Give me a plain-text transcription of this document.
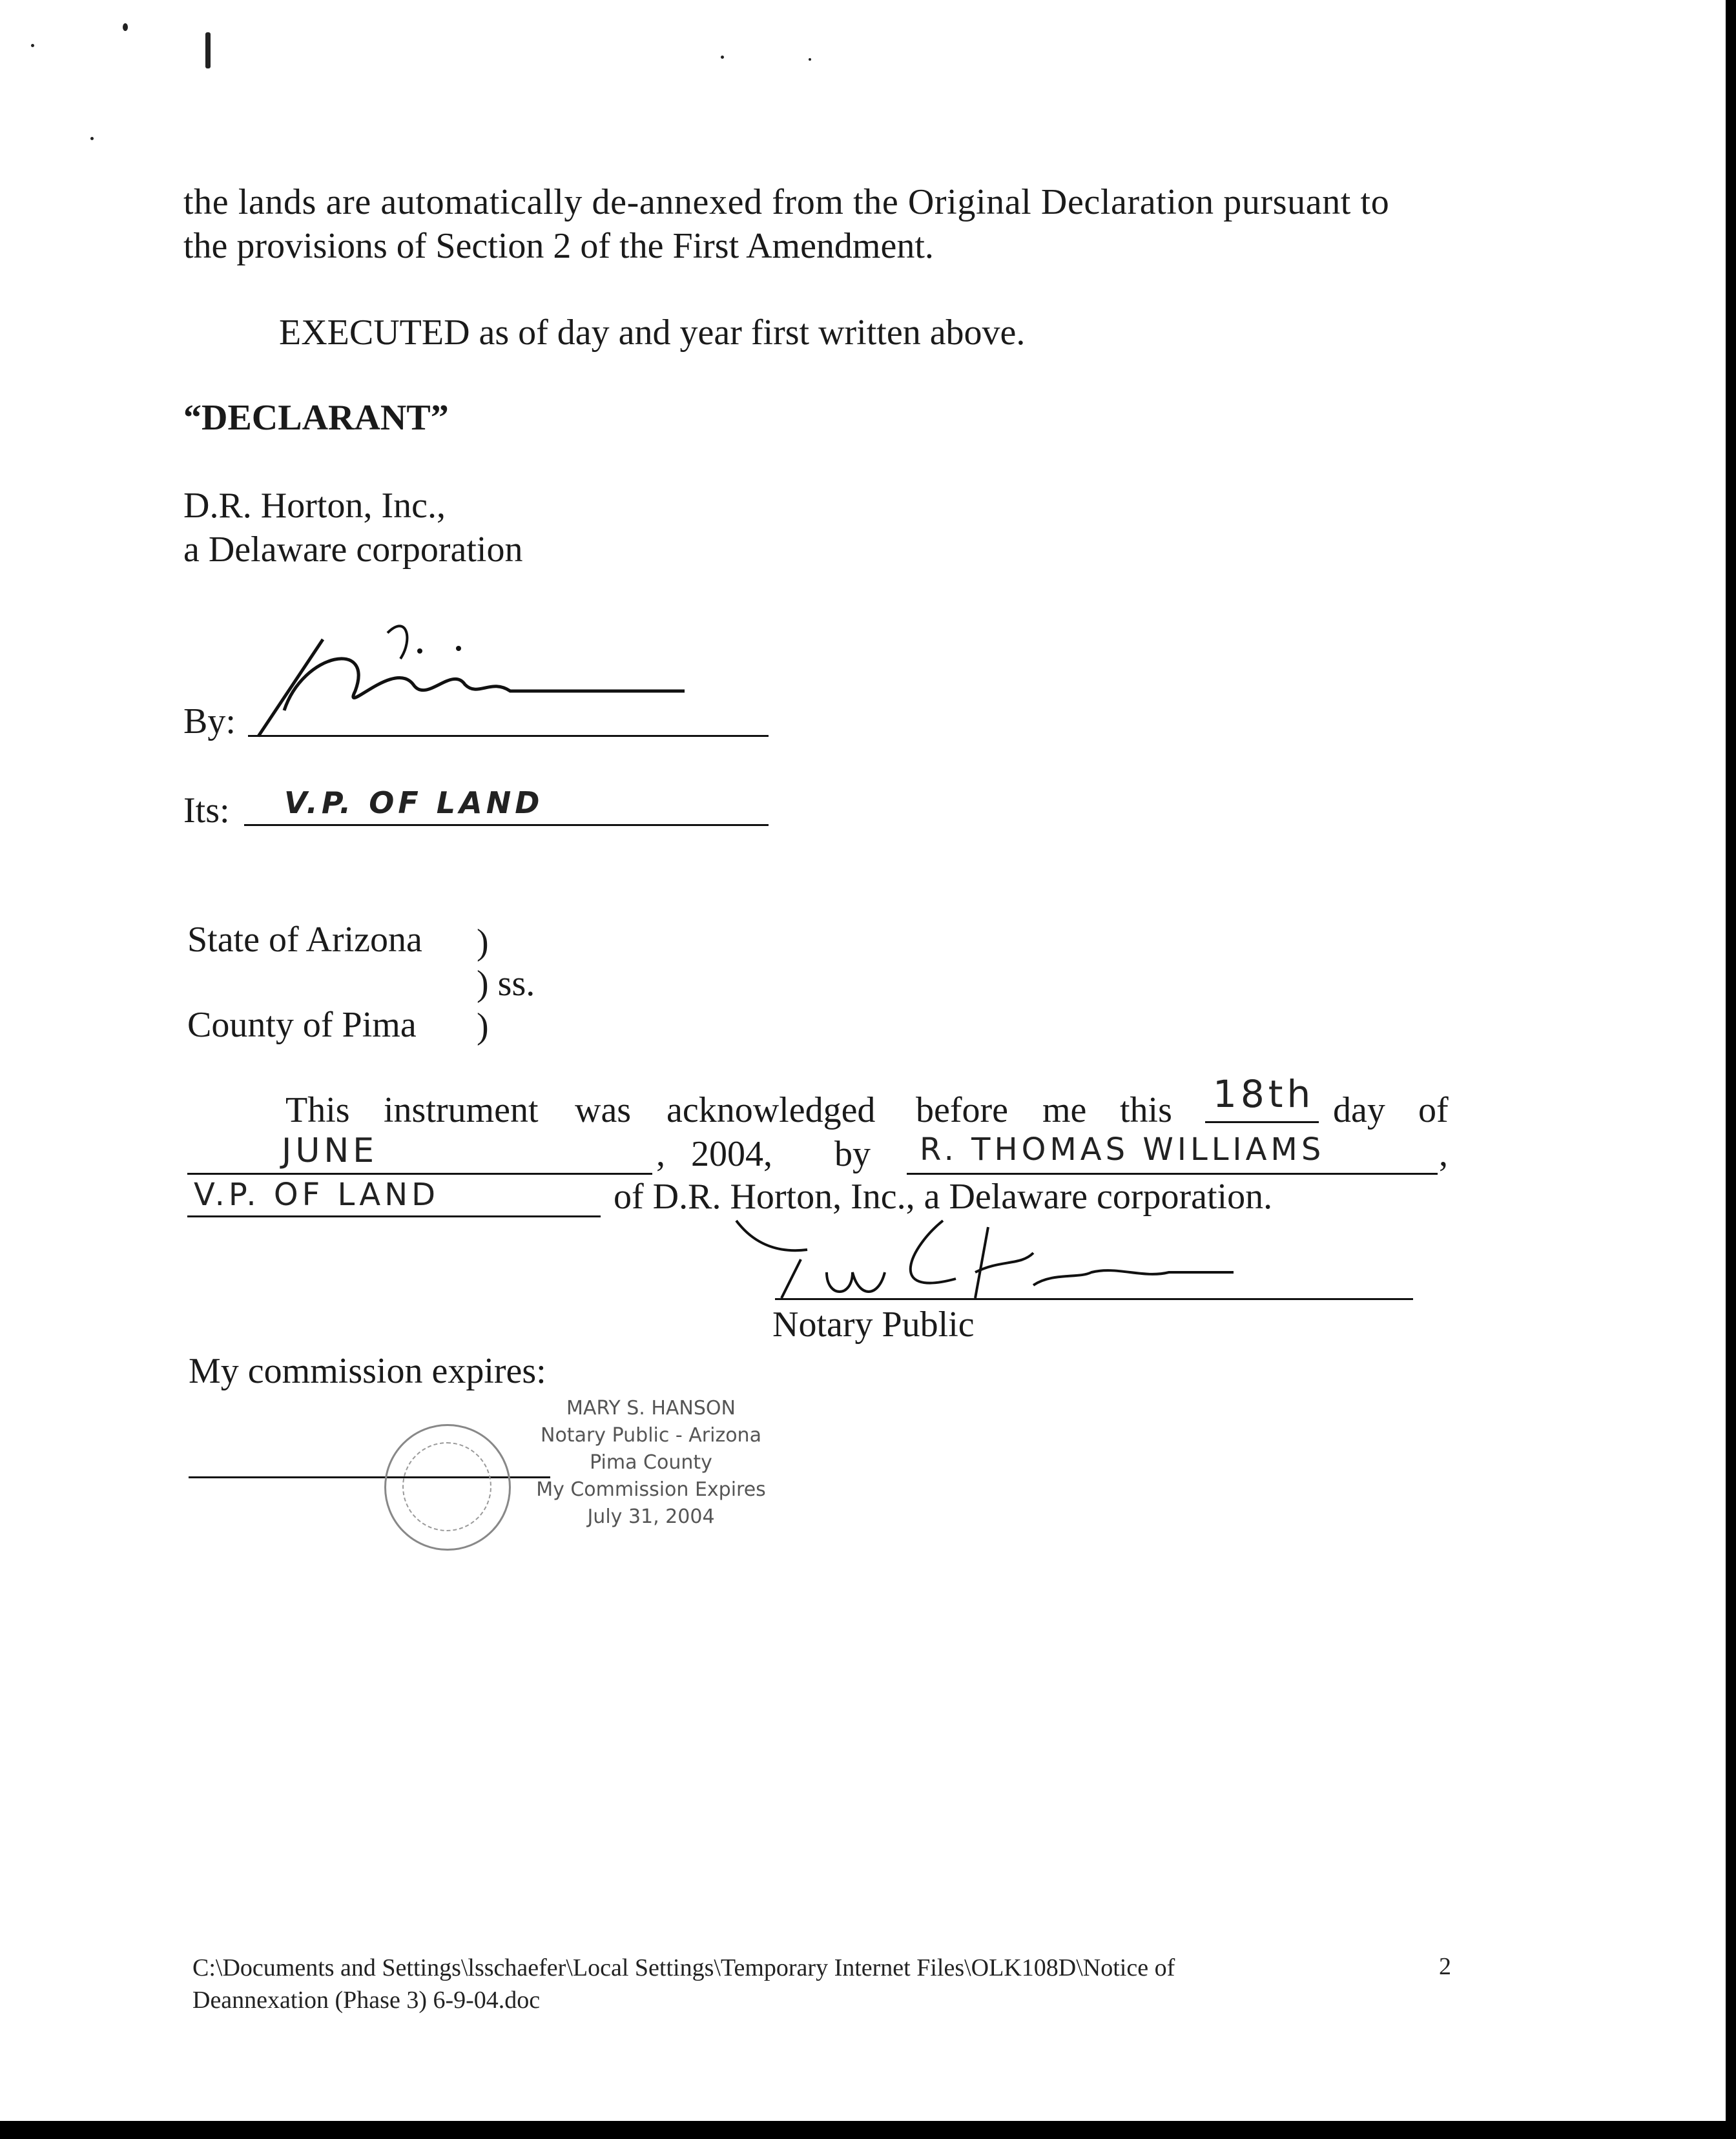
the lands are automatically de-annexed from the Original Declaration pursuant to
the provisions of Section 2 of the First Amendment.
EXECUTED as of day and year first written above.
“DECLARANT”
D.R. Horton, Inc.,
a Delaware corporation
By:
Its: V.P. OF LAND
State of Arizona )
) ss.
County of Pima )
This instrument was acknowledged before me this 18th day of
JUNE	, 2004, by R. THOMAS WILLIAMS	,
V.P. OF LAND	of D.R. Horton, Inc., a Delaware corporation.
Notary Public
My commission expires:
MARY S. HANSON
Notary Public - Arizona
Pima County
My Commission Expires
July 31, 2004
C:\Documents and Settings\lsschaefer\Local Settings\Temporary Internet Files\OLK108D\Notice of
Deannexation (Phase 3) 6-9-04.doc
2
